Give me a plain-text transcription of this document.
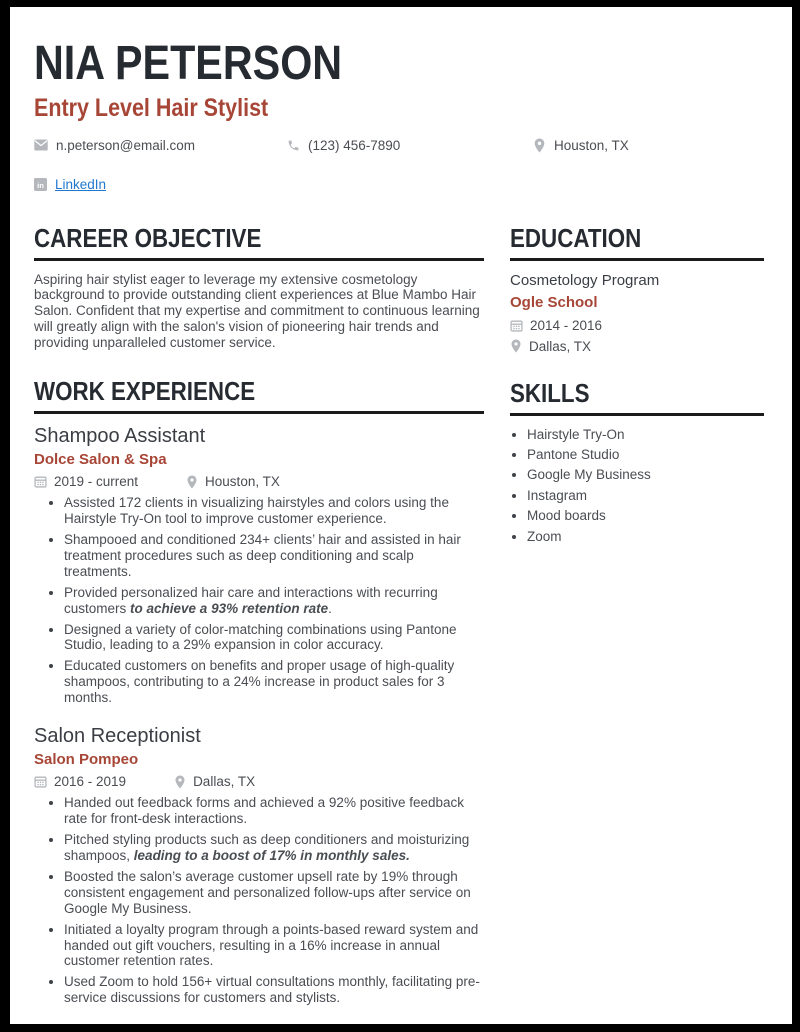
NIA PETERSON
Entry Level Hair Stylist
n.peterson@email.com	(123) 456-7890	Houston, TX
in LinkedIn
CAREER OBJECTIVE

Aspiring hair stylist eager to leverage my extensive cosmetology background to provide outstanding client experiences at Blue Mambo Hair Salon. Confident that my expertise and commitment to continuous learning will greatly align with the salon's vision of pioneering hair trends and providing unparalleled customer service.

WORK EXPERIENCE
Shampoo Assistant

Dolce Salon & Spa

2019 - current	Houston, TX
• Assisted 172 clients in visualizing hairstyles and colors using the Hairstyle Try-On tool to improve customer experience.
• Shampooed and conditioned 234+ clients’ hair and assisted in hair treatment procedures such as deep conditioning and scalp treatments.
• Provided personalized hair care and interactions with recurring customers to achieve a 93% retention rate.
• Designed a variety of color-matching combinations using Pantone Studio, leading to a 29% expansion in color accuracy.
• Educated customers on benefits and proper usage of high-quality shampoos, contributing to a 24% increase in product sales for 3 months.
Salon Receptionist

Salon Pompeo

2016 - 2019	Dallas, TX
• Handed out feedback forms and achieved a 92% positive feedback rate for front-desk interactions.
• Pitched styling products such as deep conditioners and moisturizing shampoos, leading to a boost of 17% in monthly sales.
• Boosted the salon’s average customer upsell rate by 19% through consistent engagement and personalized follow-ups after service on Google My Business.
• Initiated a loyalty program through a points-based reward system and handed out gift vouchers, resulting in a 16% increase in annual customer retention rates.
• Used Zoom to hold 156+ virtual consultations monthly, facilitating pre-service discussions for customers and stylists.
EDUCATION

Cosmetology Program

Ogle School

2014 - 2016
Dallas, TX
SKILLS
• Hairstyle Try-On
• Pantone Studio
• Google My Business
• Instagram
• Mood boards
• Zoom
